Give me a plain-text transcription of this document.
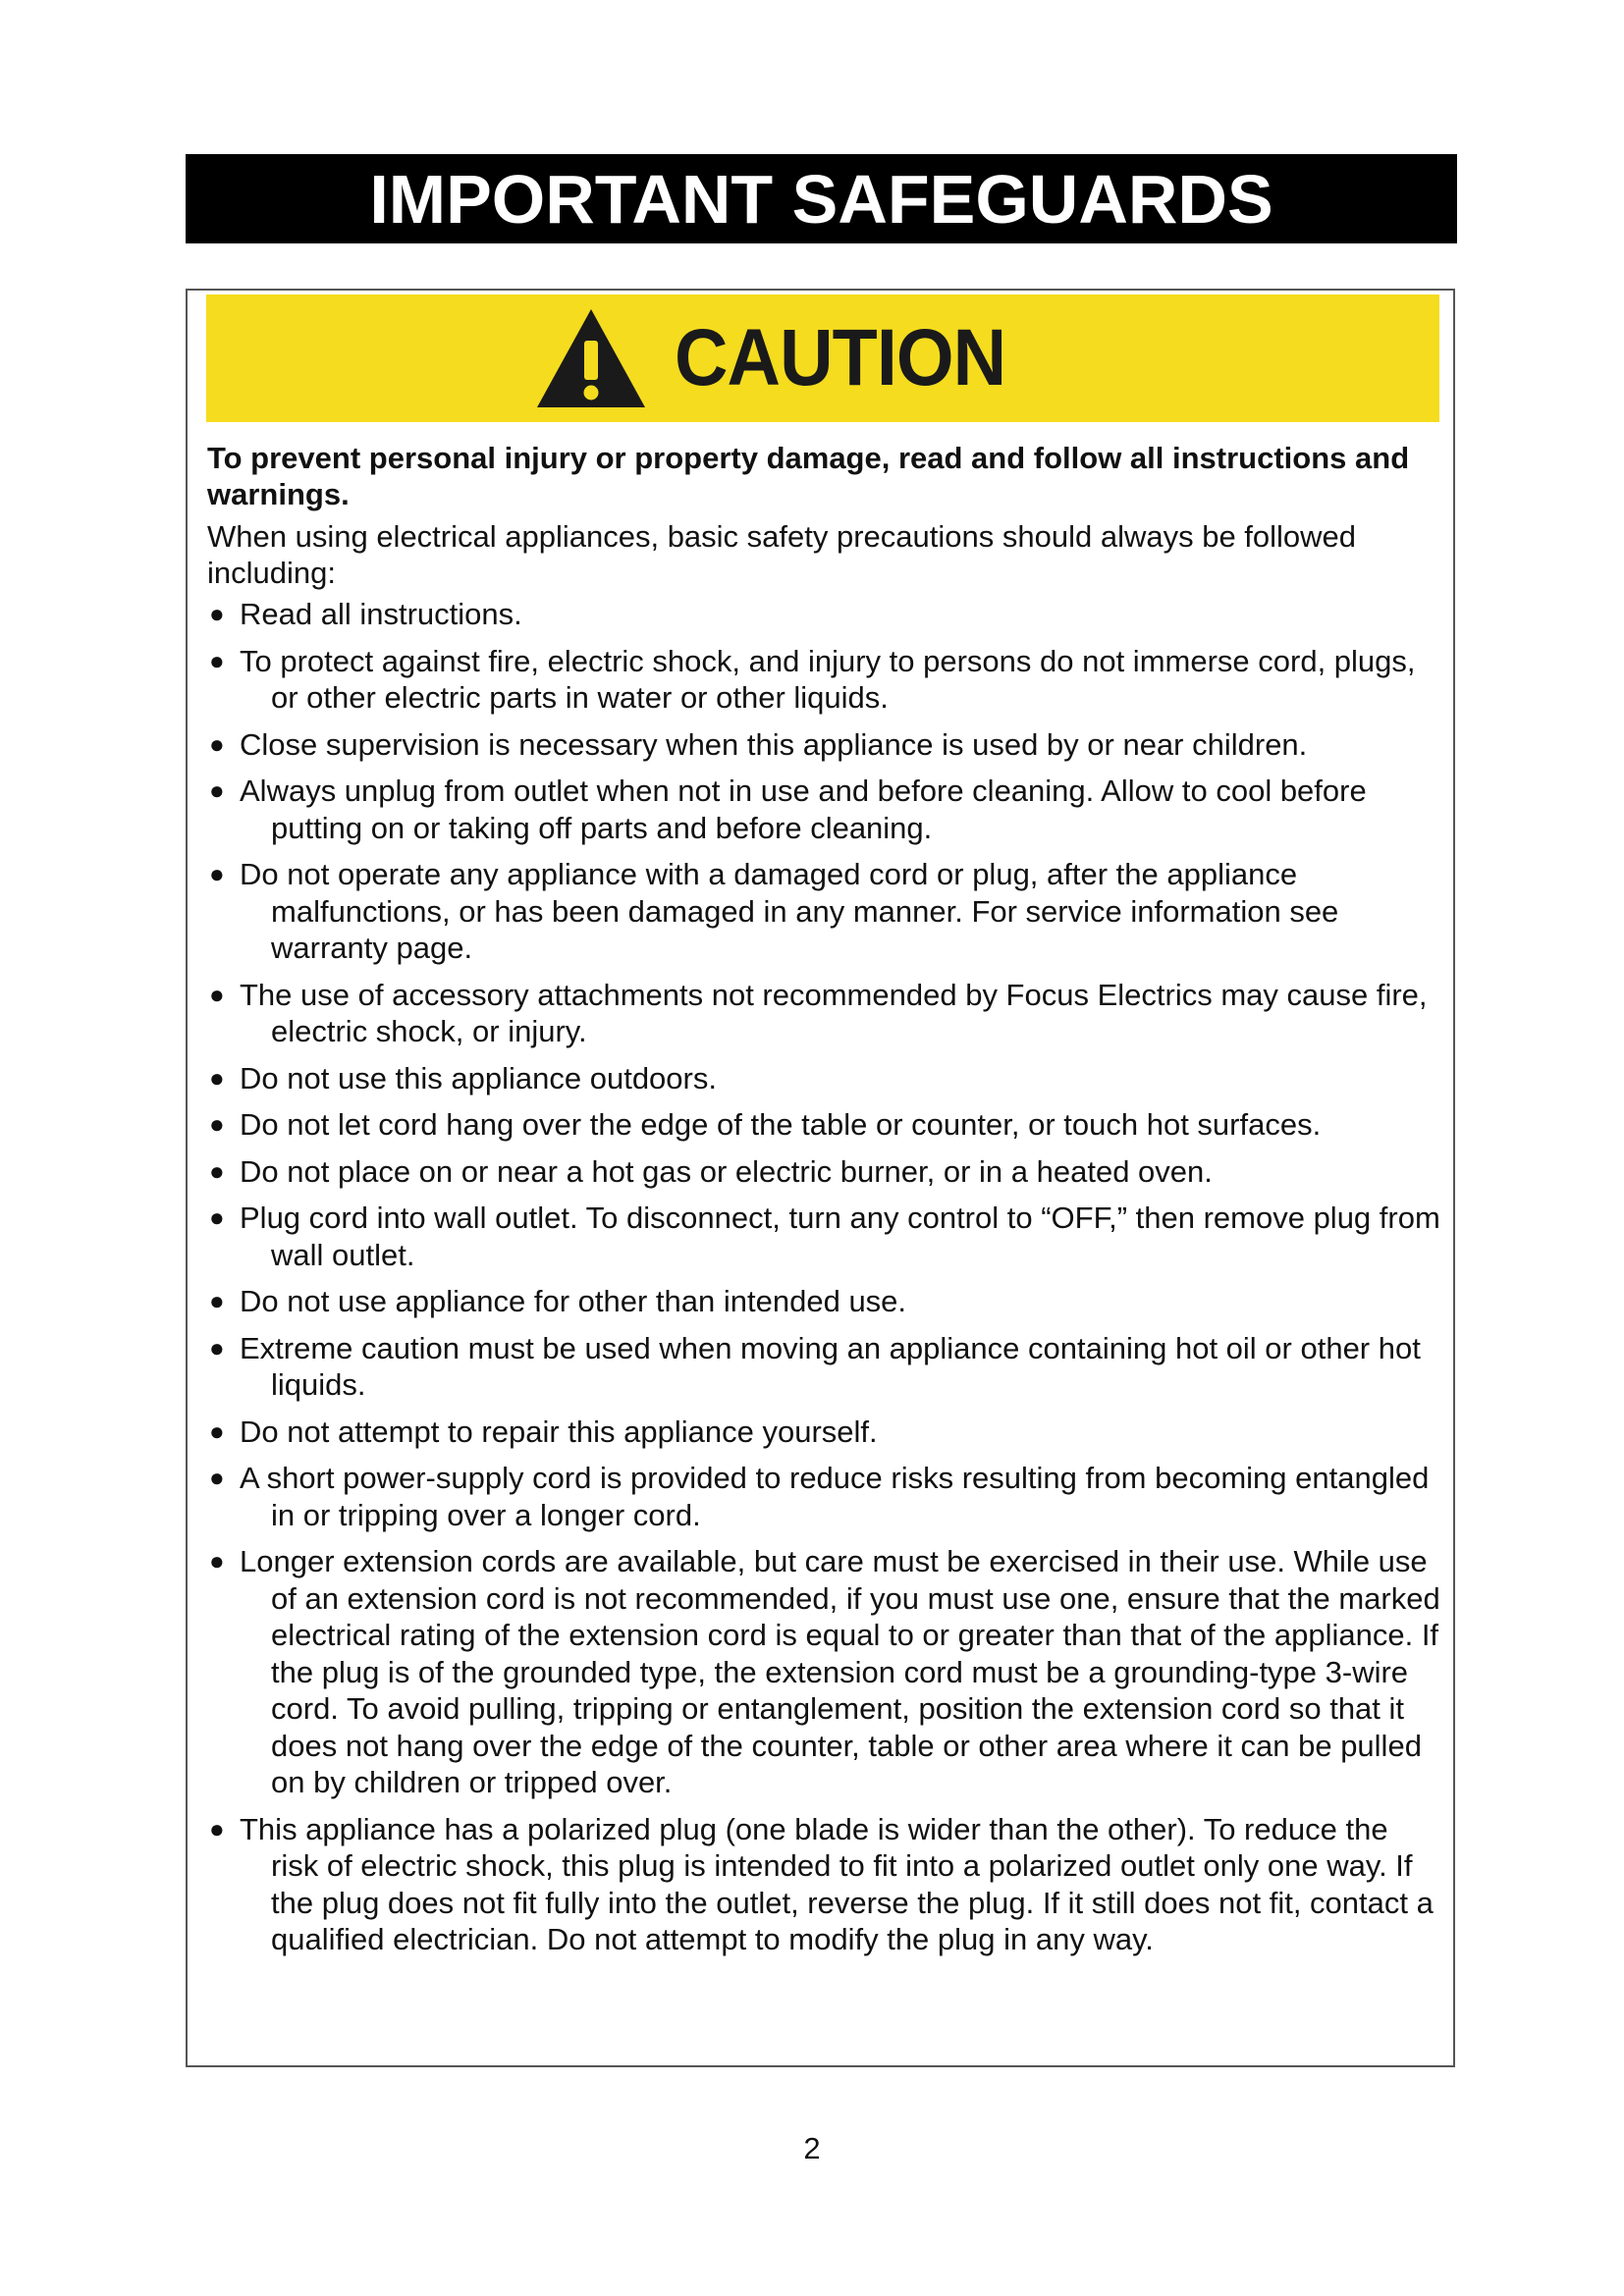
IMPORTANT SAFEGUARDS
CAUTION

To prevent personal injury or property damage, read and follow all instructions and warnings.

When using electrical appliances, basic safety precautions should always be followed including:

● Read all instructions.
● To protect against fire, electric shock, and injury to persons do not immerse cord, plugs, or other electric parts in water or other liquids.
● Close supervision is necessary when this appliance is used by or near children.
● Always unplug from outlet when not in use and before cleaning. Allow to cool before putting on or taking off parts and before cleaning.
● Do not operate any appliance with a damaged cord or plug, after the appliance malfunctions, or has been damaged in any manner. For service information see warranty page.
● The use of accessory attachments not recommended by Focus Electrics may cause fire, electric shock, or injury.
● Do not use this appliance outdoors.
● Do not let cord hang over the edge of the table or counter, or touch hot surfaces.
● Do not place on or near a hot gas or electric burner, or in a heated oven.
● Plug cord into wall outlet. To disconnect, turn any control to “OFF,” then remove plug from wall outlet.
● Do not use appliance for other than intended use.
● Extreme caution must be used when moving an appliance containing hot oil or other hot liquids.
● Do not attempt to repair this appliance yourself.
● A short power-supply cord is provided to reduce risks resulting from becoming entangled in or tripping over a longer cord.
● Longer extension cords are available, but care must be exercised in their use. While use of an extension cord is not recommended, if you must use one, ensure that the marked electrical rating of the extension cord is equal to or greater than that of the appliance. If the plug is of the grounded type, the extension cord must be a grounding-type 3-wire cord. To avoid pulling, tripping or entanglement, position the extension cord so that it does not hang over the edge of the counter, table or other area where it can be pulled on by children or tripped over.
● This appliance has a polarized plug (one blade is wider than the other). To reduce the risk of electric shock, this plug is intended to fit into a polarized outlet only one way. If the plug does not fit fully into the outlet, reverse the plug. If it still does not fit, contact a qualified electrician. Do not attempt to modify the plug in any way.
2
